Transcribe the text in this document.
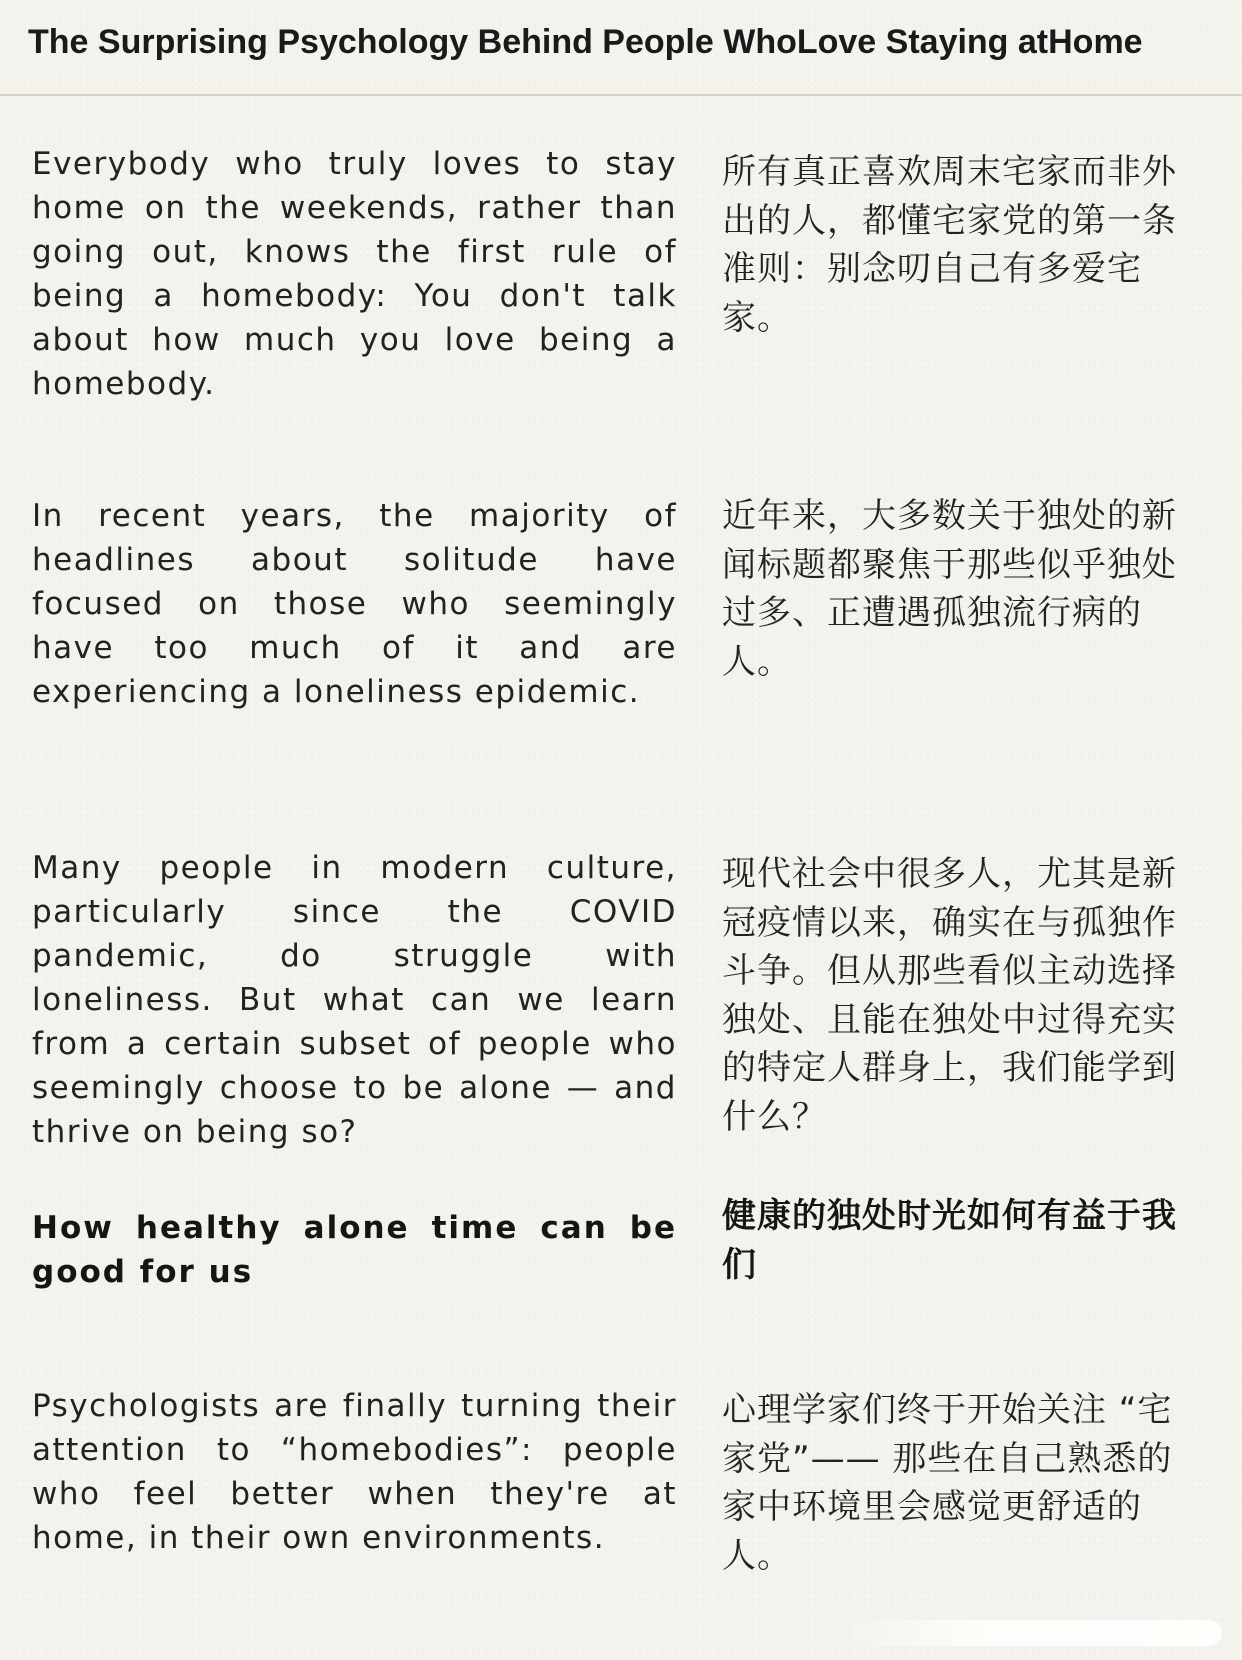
The Surprising Psychology Behind People WhoLove Staying atHome
Everybody who truly loves to stay home on the weekends, rather than going out, knows the first rule of being a homebody: You don't talk about how much you love being a homebody.
所有真正喜欢周末宅家而非外出的人，都懂宅家党的第一条准则：别念叨自己有多爱宅家。
In recent years, the majority of headlines about solitude have focused on those who seemingly have too much of it and are experiencing a loneliness epidemic.
近年来，大多数关于独处的新闻标题都聚焦于那些似乎独处过多、正遭遇孤独流行病的人。
Many people in modern culture, particularly since the COVID pandemic, do struggle with loneliness. But what can we learn from a certain subset of people who seemingly choose to be alone — and thrive on being so?
现代社会中很多人，尤其是新冠疫情以来，确实在与孤独作斗争。但从那些看似主动选择独处、且能在独处中过得充实的特定人群身上，我们能学到什么？
How healthy alone time can be good for us
健康的独处时光如何有益于我们
Psychologists are finally turning their attention to “homebodies”: people who feel better when they're at home, in their own environments.
心理学家们终于开始关注 “宅家党”—— 那些在自己熟悉的家中环境里会感觉更舒适的人。
